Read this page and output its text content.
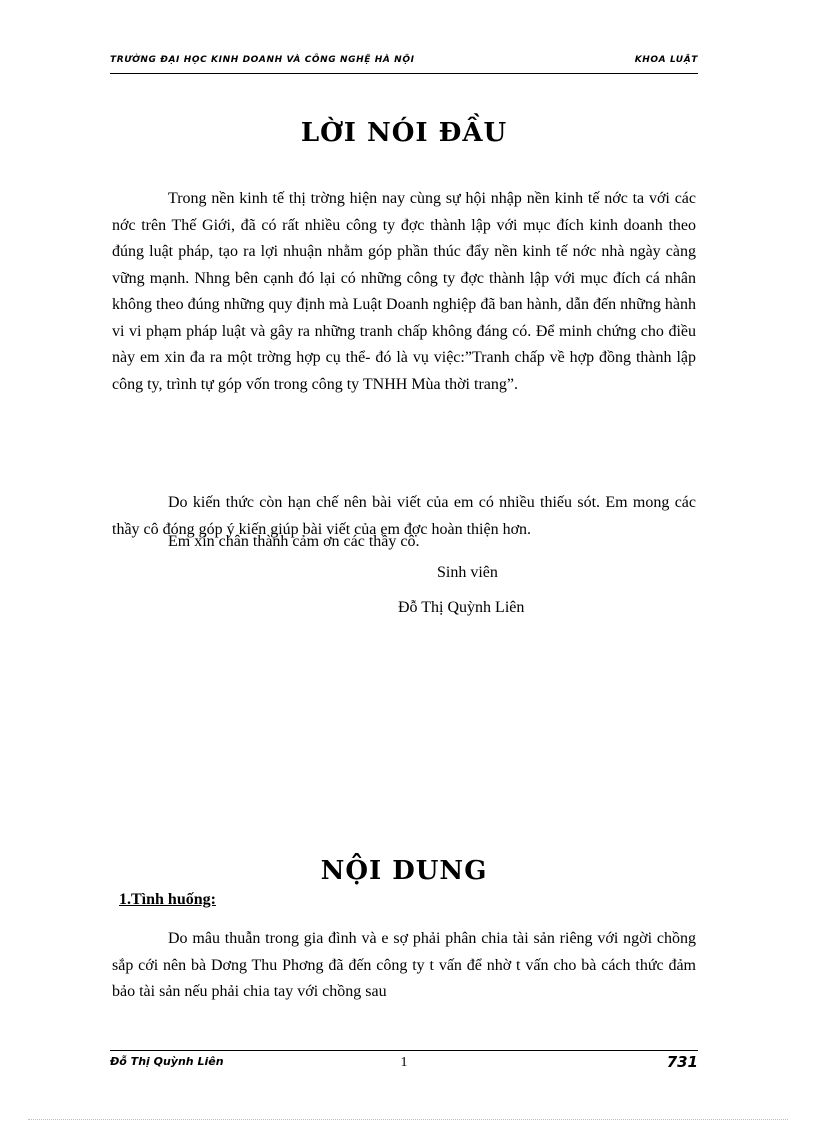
TRƯỜNG ĐẠI HỌC KINH DOANH VÀ CÔNG NGHỆ HÀ NỘI	KHOA LUẬT
LỜI NÓI ĐẦU

Trong nền kinh tế thị trờng hiện nay cùng sự hội nhập nền kinh tế nớc ta với các nớc trên Thế Giới, đã có rất nhiều công ty đợc thành lập với mục đích kinh doanh theo đúng luật pháp, tạo ra lợi nhuận nhằm góp phần thúc đẩy nền kinh tế nớc nhà ngày càng vững mạnh. Nhng bên cạnh đó lại có những công ty đợc thành lập với mục đích cá nhân không theo đúng những quy định mà Luật Doanh nghiệp đã ban hành, dẫn đến những hành vi vi phạm pháp luật và gây ra những tranh chấp không đáng có. Để minh chứng cho điều này em xin đa ra một trờng hợp cụ thể- đó là vụ việc:”Tranh chấp về hợp đồng thành lập công ty, trình tự góp vốn trong công ty TNHH Mùa thời trang”.

Do kiến thức còn hạn chế nên bài viết của em có nhiều thiếu sót. Em mong các thầy cô đóng góp ý kiến giúp bài viết của em đợc hoàn thiện hơn.

Em xin chân thành cảm ơn các thầy cô.

Sinh viên

Đỗ Thị Quỳnh Liên

NỘI DUNG

1.Tình huống:

Do mâu thuẫn trong gia đình và e sợ phải phân chia tài sản riêng với ngời chồng sắp cới nên bà Dơng Thu Phơng đã đến công ty t vấn để nhờ t vấn cho bà cách thức đảm bảo tài sản nếu phải chia tay với chồng sau

Đỗ Thị Quỳnh Liên	1	731
